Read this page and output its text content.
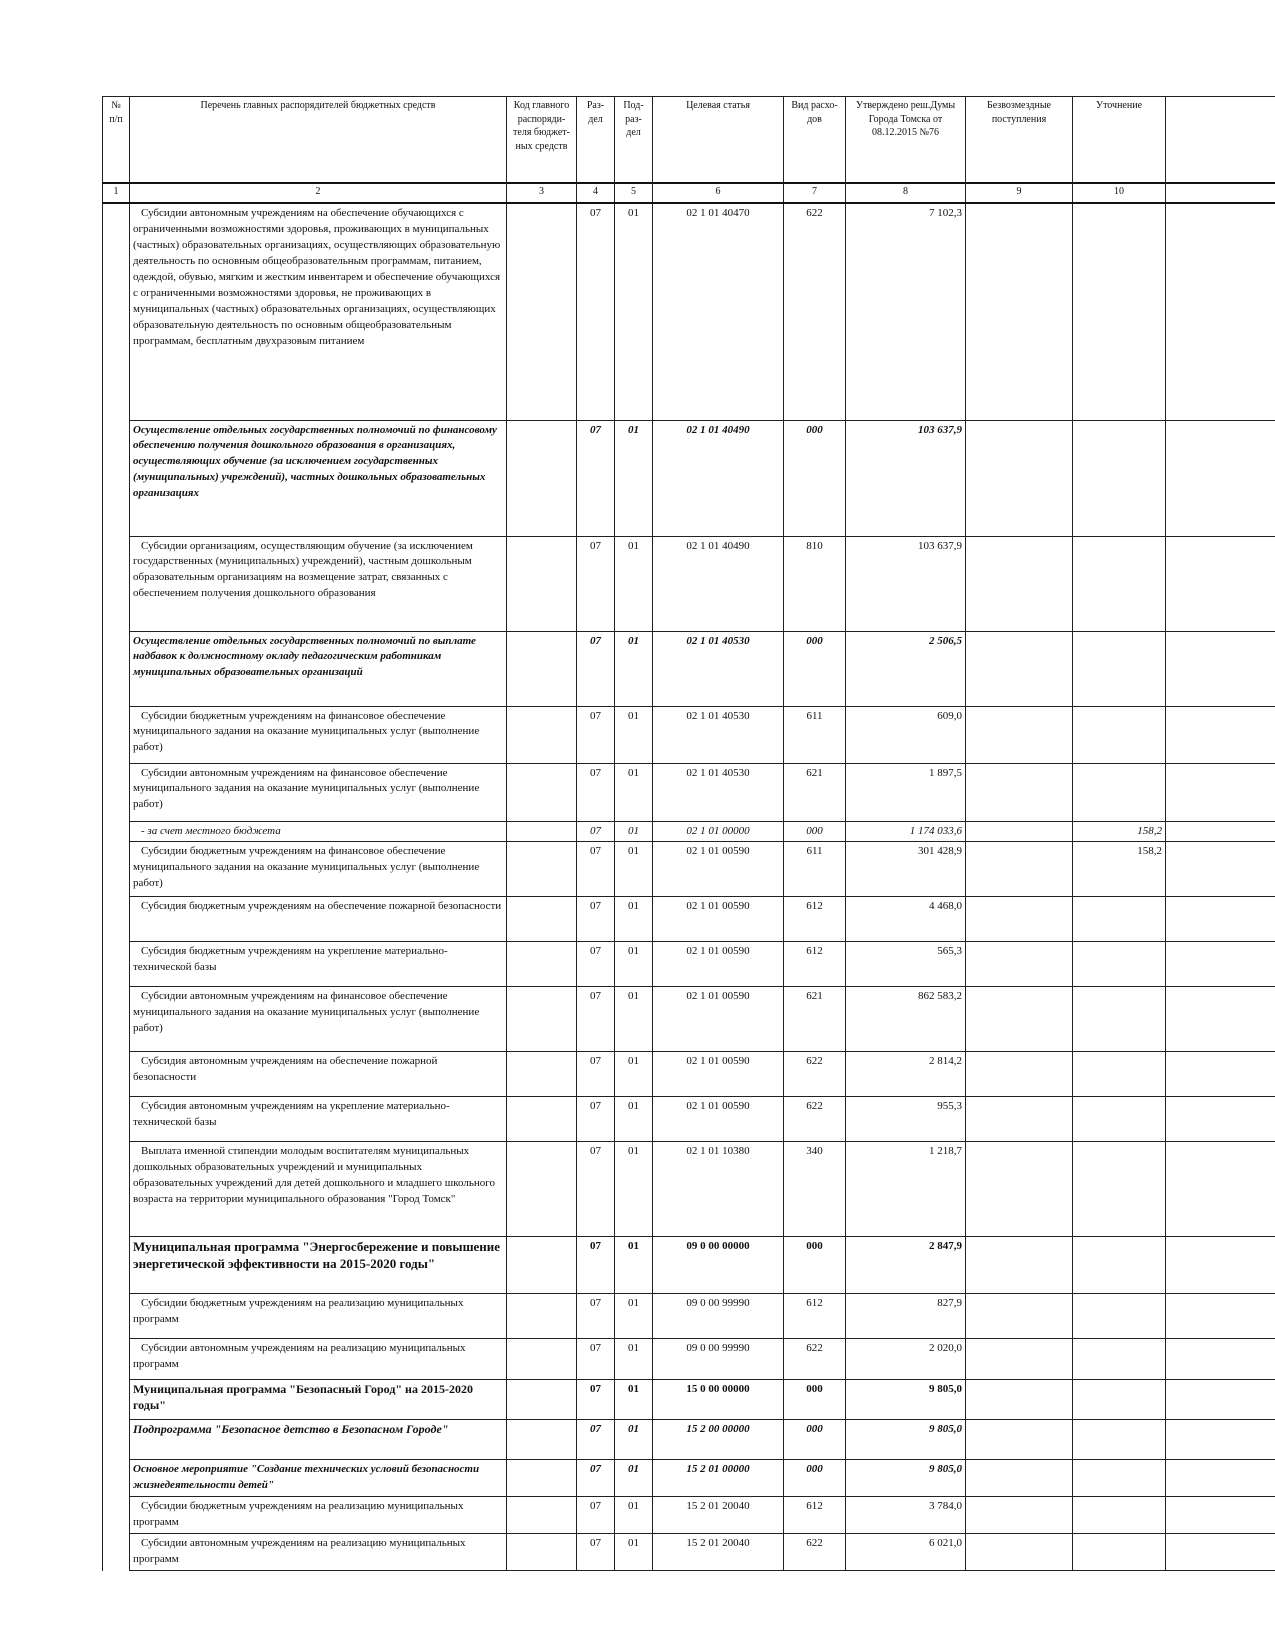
№ п/п	Перечень главных распорядителей бюджетных средств	Код главного распоряди-теля бюджет-ных средств	Раз-дел	Под-раз-дел	Целевая статья	Вид расхо-дов	Утверждено реш.Думы Города Томска от 08.12.2015 №76	Безвозмездные поступления	Уточнение	
1	2	3	4	5	6	7	8	9	10	
	Субсидии автономным учреждениям на обеспечение обучающихся с ограниченными возможностями здоровья, проживающих в муниципальных (частных) образовательных организациях, осуществляющих образовательную деятельность по основным общеобразовательным программам, питанием, одеждой, обувью, мягким и жестким инвентарем и обеспечение обучающихся с ограниченными возможностями здоровья, не проживающих в муниципальных (частных) образовательных организациях, осуществляющих образовательную деятельность по основным общеобразовательным программам, бесплатным двухразовым питанием		07	01	02 1 01 40470	622	7 102,3			
	Осуществление отдельных государственных полномочий по финансовому обеспечению получения дошкольного образования в организациях, осуществляющих обучение (за исключением государственных (муниципальных) учреждений), частных дошкольных образовательных организациях		07	01	02 1 01 40490	000	103 637,9			
	Субсидии организациям, осуществляющим обучение (за исключением государственных (муниципальных) учреждений), частным дошкольным образовательным организациям на возмещение затрат, связанных с обеспечением получения дошкольного образования		07	01	02 1 01 40490	810	103 637,9			
	Осуществление отдельных государственных полномочий по выплате надбавок к должностному окладу педагогическим работникам муниципальных образовательных организаций		07	01	02 1 01 40530	000	2 506,5			
	Субсидии бюджетным учреждениям на финансовое обеспечение муниципального задания на оказание муниципальных услуг (выполнение работ)		07	01	02 1 01 40530	611	609,0			
	Субсидии автономным учреждениям на финансовое обеспечение муниципального задания на оказание муниципальных услуг (выполнение работ)		07	01	02 1 01 40530	621	1 897,5			
	- за счет местного бюджета		07	01	02 1 01 00000	000	1 174 033,6		158,2	
	Субсидии бюджетным учреждениям на финансовое обеспечение муниципального задания на оказание муниципальных услуг (выполнение работ)		07	01	02 1 01 00590	611	301 428,9		158,2	
	Субсидия бюджетным учреждениям на обеспечение пожарной безопасности		07	01	02 1 01 00590	612	4 468,0			
	Субсидия бюджетным учреждениям на укрепление материально-технической базы		07	01	02 1 01 00590	612	565,3			
	Субсидии автономным учреждениям на финансовое обеспечение муниципального задания на оказание муниципальных услуг (выполнение работ)		07	01	02 1 01 00590	621	862 583,2			
	Субсидия автономным учреждениям на обеспечение пожарной безопасности		07	01	02 1 01 00590	622	2 814,2			
	Субсидия автономным учреждениям на укрепление материально-технической базы		07	01	02 1 01 00590	622	955,3			
	Выплата именной стипендии молодым воспитателям муниципальных дошкольных образовательных учреждений и муниципальных образовательных учреждений для детей дошкольного и младшего школьного возраста на территории муниципального образования "Город Томск"		07	01	02 1 01 10380	340	1 218,7			
	Муниципальная программа "Энергосбережение и повышение энергетической эффективности на 2015-2020 годы"		07	01	09 0 00 00000	000	2 847,9			
	Субсидии бюджетным учреждениям на реализацию муниципальных программ		07	01	09 0 00 99990	612	827,9			
	Субсидии автономным учреждениям на реализацию муниципальных программ		07	01	09 0 00 99990	622	2 020,0			
	Муниципальная программа "Безопасный Город" на 2015-2020 годы"		07	01	15 0 00 00000	000	9 805,0			
	Подпрограмма "Безопасное детство в Безопасном Городе"		07	01	15 2 00 00000	000	9 805,0			
	Основное мероприятие "Создание технических условий безопасности жизнедеятельности детей"		07	01	15 2 01 00000	000	9 805,0			
	Субсидии бюджетным учреждениям на реализацию муниципальных программ		07	01	15 2 01 20040	612	3 784,0			
	Субсидии автономным учреждениям на реализацию муниципальных программ		07	01	15 2 01 20040	622	6 021,0			
